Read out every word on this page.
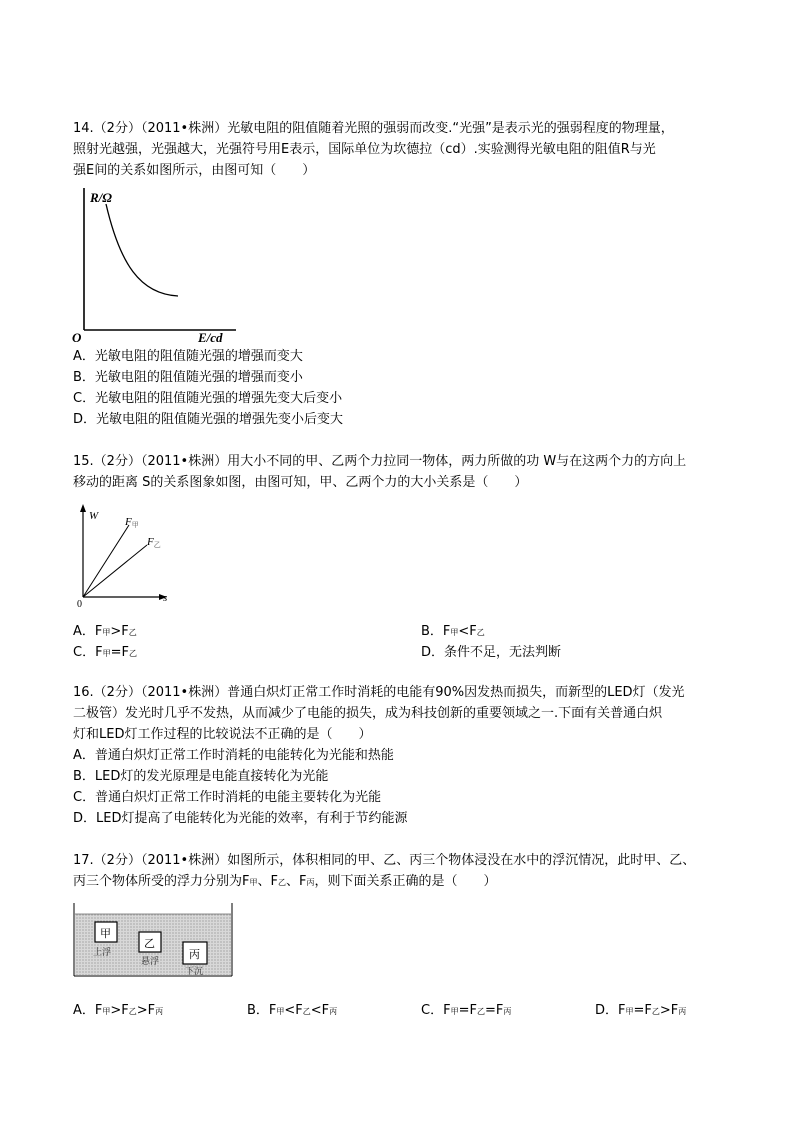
14.（2分）（2011•株洲）光敏电阻的阻值随着光照的强弱而改变.“光强”是表示光的强弱程度的物理量，
照射光越强，光强越大，光强符号用E表示，国际单位为坎德拉（cd）.实验测得光敏电阻的阻值R与光
强E间的关系如图所示，由图可知（　　）
R/Ω
E/cd
O
A．光敏电阻的阻值随光强的增强而变大
B．光敏电阻的阻值随光强的增强而变小
C．光敏电阻的阻值随光强的增强先变大后变小
D．光敏电阻的阻值随光强的增强先变小后变大
15.（2分）（2011•株洲）用大小不同的甲、乙两个力拉同一物体，两力所做的功 W与在这两个力的方向上
移动的距离 S的关系图象如图，由图可知，甲、乙两个力的大小关系是（　　）
W
s
0
F甲
F乙
A．F甲>F乙	B．F甲<F乙
C．F甲=F乙	D．条件不足，无法判断
16.（2分）（2011•株洲）普通白炽灯正常工作时消耗的电能有90%因发热而损失，而新型的LED灯（发光
二极管）发光时几乎不发热，从而减少了电能的损失，成为科技创新的重要领域之一.下面有关普通白炽
灯和LED灯工作过程的比较说法不正确的是（　　）
A．普通白炽灯正常工作时消耗的电能转化为光能和热能
B．LED灯的发光原理是电能直接转化为光能
C．普通白炽灯正常工作时消耗的电能主要转化为光能
D．LED灯提高了电能转化为光能的效率，有利于节约能源
17.（2分）（2011•株洲）如图所示，体积相同的甲、乙、丙三个物体浸没在水中的浮沉情况，此时甲、乙、
丙三个物体所受的浮力分别为F甲、F乙、F丙，则下面关系正确的是（　　）
甲
上浮
乙
悬浮	丙
下沉
A．F甲>F乙>F丙	B．F甲<F乙<F丙	C．F甲=F乙=F丙	D．F甲=F乙>F丙
